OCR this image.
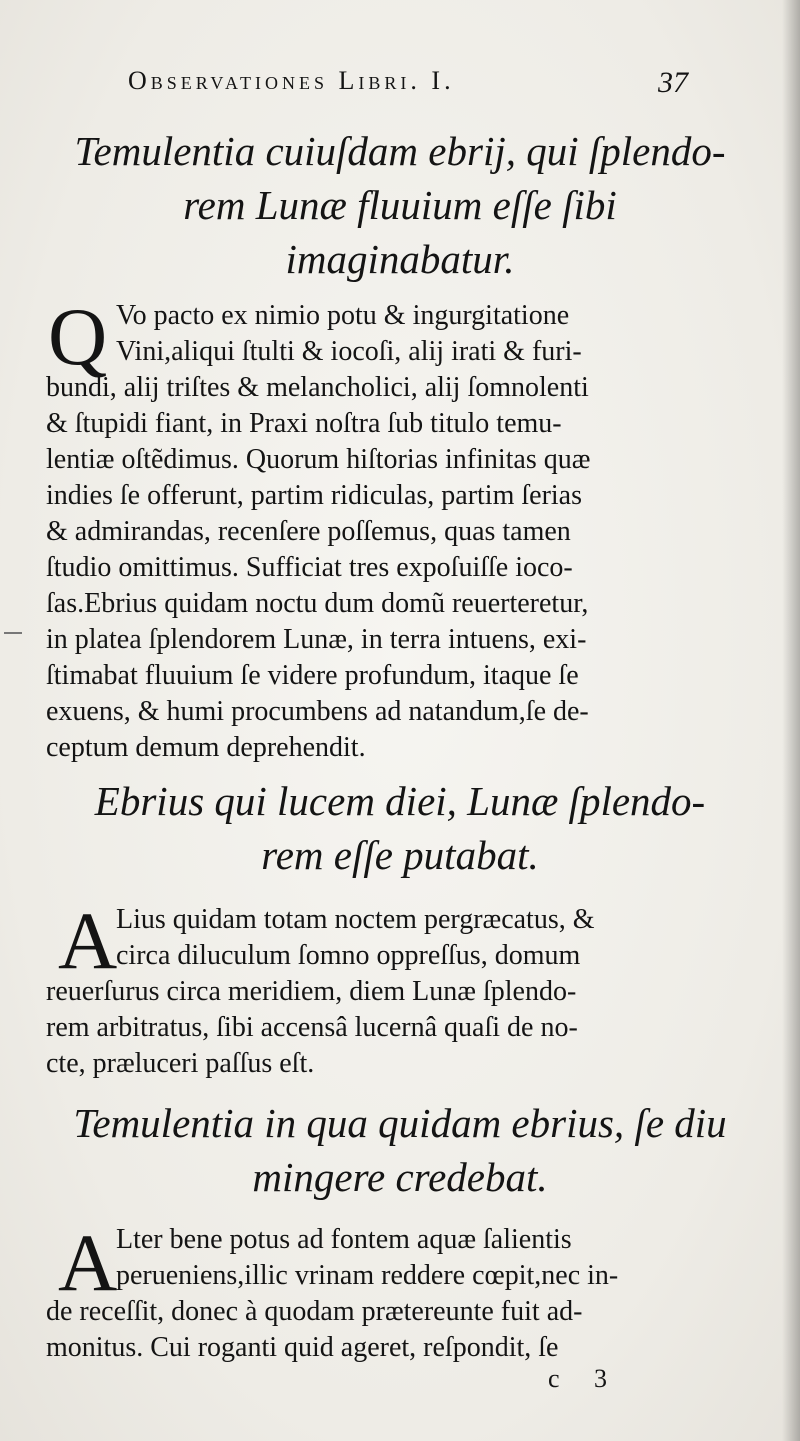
Observationes Libri. I.	37

Temulentia cuiuſdam ebrij, qui ſplendo-

rem Lunæ fluuium eſſe ſibi

imaginabatur.

Q Vo pacto ex nimio potu & ingurgitatione
Vini,aliqui ſtulti & iocoſi, alij irati & furi-
bundi, alij triſtes & melancholici, alij ſomnolenti
& ſtupidi fiant, in Praxi noſtra ſub titulo temu-
lentiæ oſtẽdimus. Quorum hiſtorias infinitas quæ
indies ſe offerunt, partim ridiculas, partim ſerias
& admirandas, recenſere poſſemus, quas tamen
ſtudio omittimus. Sufficiat tres expoſuiſſe ioco-
ſas.Ebrius quidam noctu dum domũ reuerteretur,
in platea ſplendorem Lunæ, in terra intuens, exi-
ſtimabat fluuium ſe videre profundum, itaque ſe
exuens, & humi procumbens ad natandum,ſe de-
ceptum demum deprehendit.

Ebrius qui lucem diei, Lunæ ſplendo-

rem eſſe putabat.

A
Lius quidam totam noctem pergræcatus, &
circa diluculum ſomno oppreſſus, domum
reuerſurus circa meridiem, diem Lunæ ſplendo-
rem arbitratus, ſibi accensâ lucernâ quaſi de no-
cte, præluceri paſſus eſt.

Temulentia in qua quidam ebrius, ſe diu

mingere credebat.

A
Lter bene potus ad fontem aquæ ſalientis
perueniens,illic vrinam reddere cœpit,nec in-
de receſſit, donec à quodam prætereunte fuit ad-
monitus. Cui roganti quid ageret, reſpondit, ſe
c 3
